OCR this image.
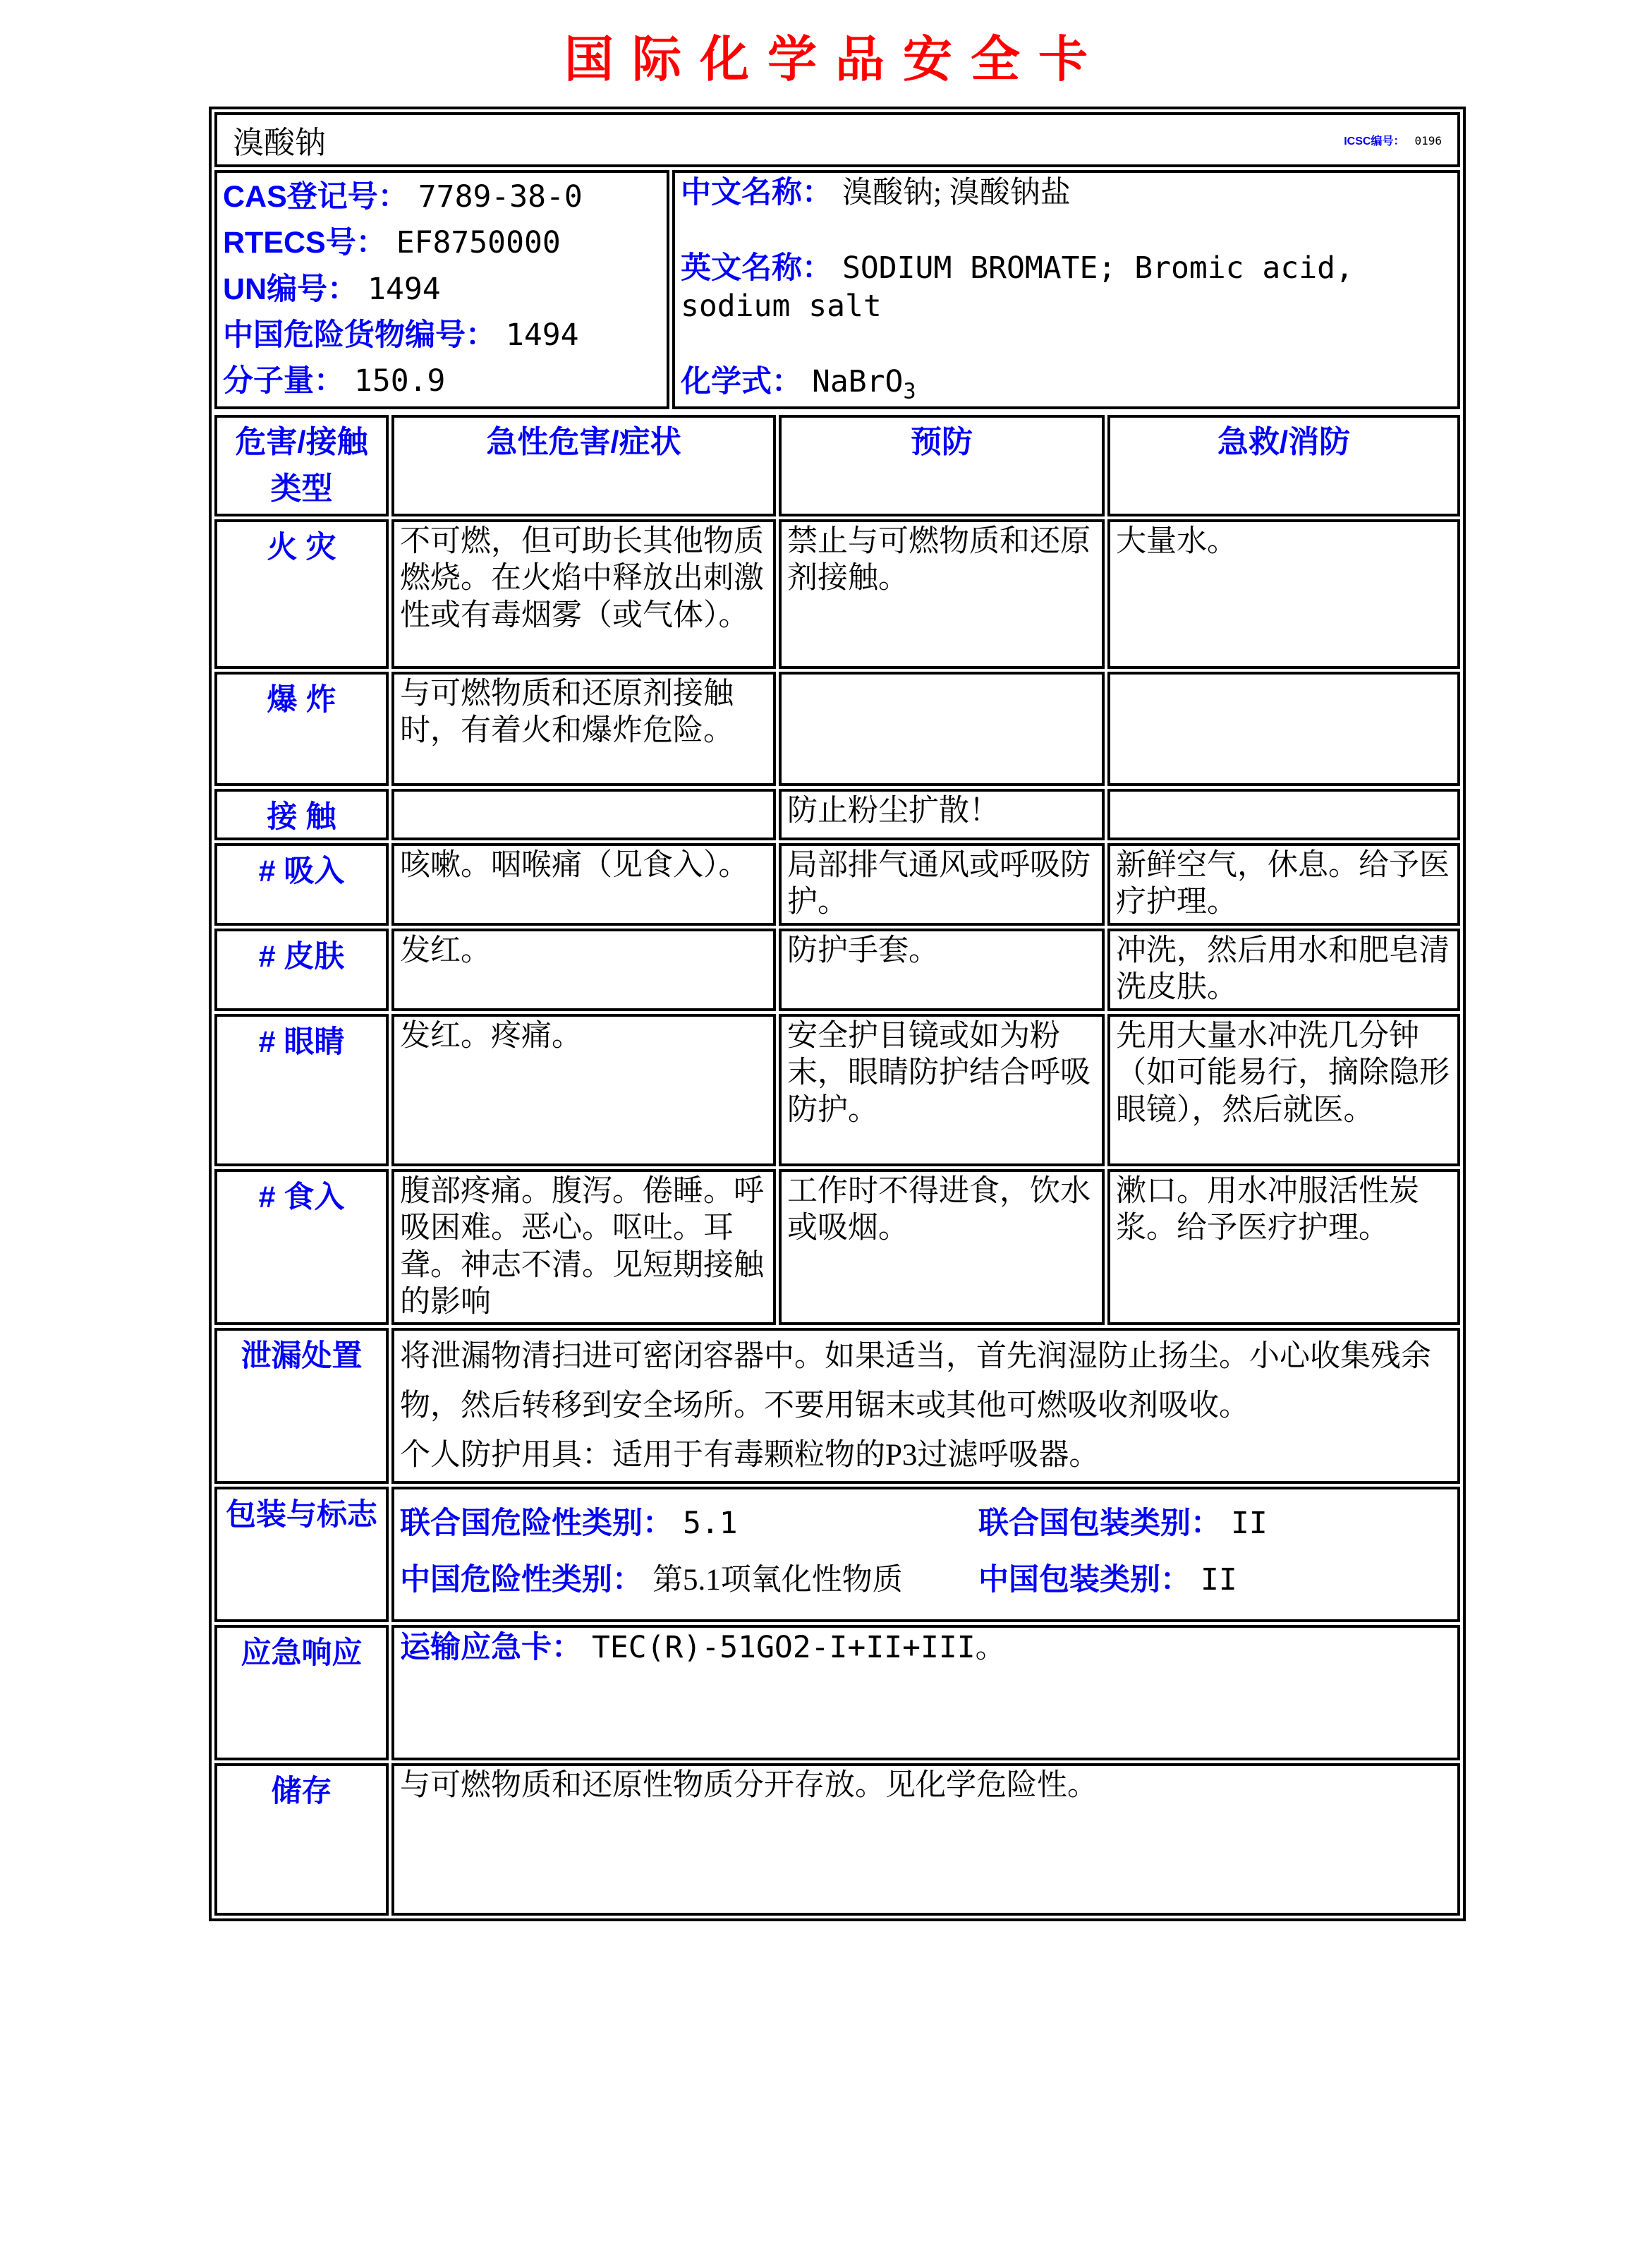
国际化学品安全卡
溴酸钠	ICSC编号： 0196

CAS登记号： 7789-38-0
RTECS号： EF8750000
UN编号： 1494
中国危险货物编号： 1494
分子量： 150.9

中文名称： 溴酸钠; 溴酸钠盐
英文名称： SODIUM BROMATE; Bromic acid, sodium salt
化学式： NaBrO$_3$
危害/接触类型	急性危害/症状	预防	急救/消防
火 灾	不可燃，但可助长其他物质燃烧。在火焰中释放出刺激性或有毒烟雾（或气体）。	禁止与可燃物质和还原剂接触。	大量水。
爆 炸	与可燃物质和还原剂接触时，有着火和爆炸危险。		
接 触		防止粉尘扩散！	
# 吸入	咳嗽。咽喉痛（见食入）。	局部排气通风或呼吸防护。	新鲜空气，休息。给予医疗护理。
# 皮肤	发红。	防护手套。	冲洗，然后用水和肥皂清洗皮肤。
# 眼睛	发红。疼痛。	安全护目镜或如为粉末，眼睛防护结合呼吸防护。	先用大量水冲洗几分钟（如可能易行，摘除隐形眼镜），然后就医。
# 食入	腹部疼痛。腹泻。倦睡。呼吸困难。恶心。呕吐。耳聋。神志不清。见短期接触的影响	工作时不得进食，饮水或吸烟。	漱口。用水冲服活性炭浆。给予医疗护理。
泄漏处置	将泄漏物清扫进可密闭容器中。如果适当，首先润湿防止扬尘。小心收集残余物，然后转移到安全场所。不要用锯末或其他可燃吸收剂吸收。
个人防护用具：适用于有毒颗粒物的P3过滤呼吸器。		

包装与标志	联合国危险性类别： 5.1 联合国包装类别： II
中国危险性类别： 第5.1项氧化性物质 中国包装类别： II		

应急响应	运输应急卡： TEC(R)-51GO2-I+II+III。		
储存	与可燃物质和还原性物质分开存放。见化学危险性。		
